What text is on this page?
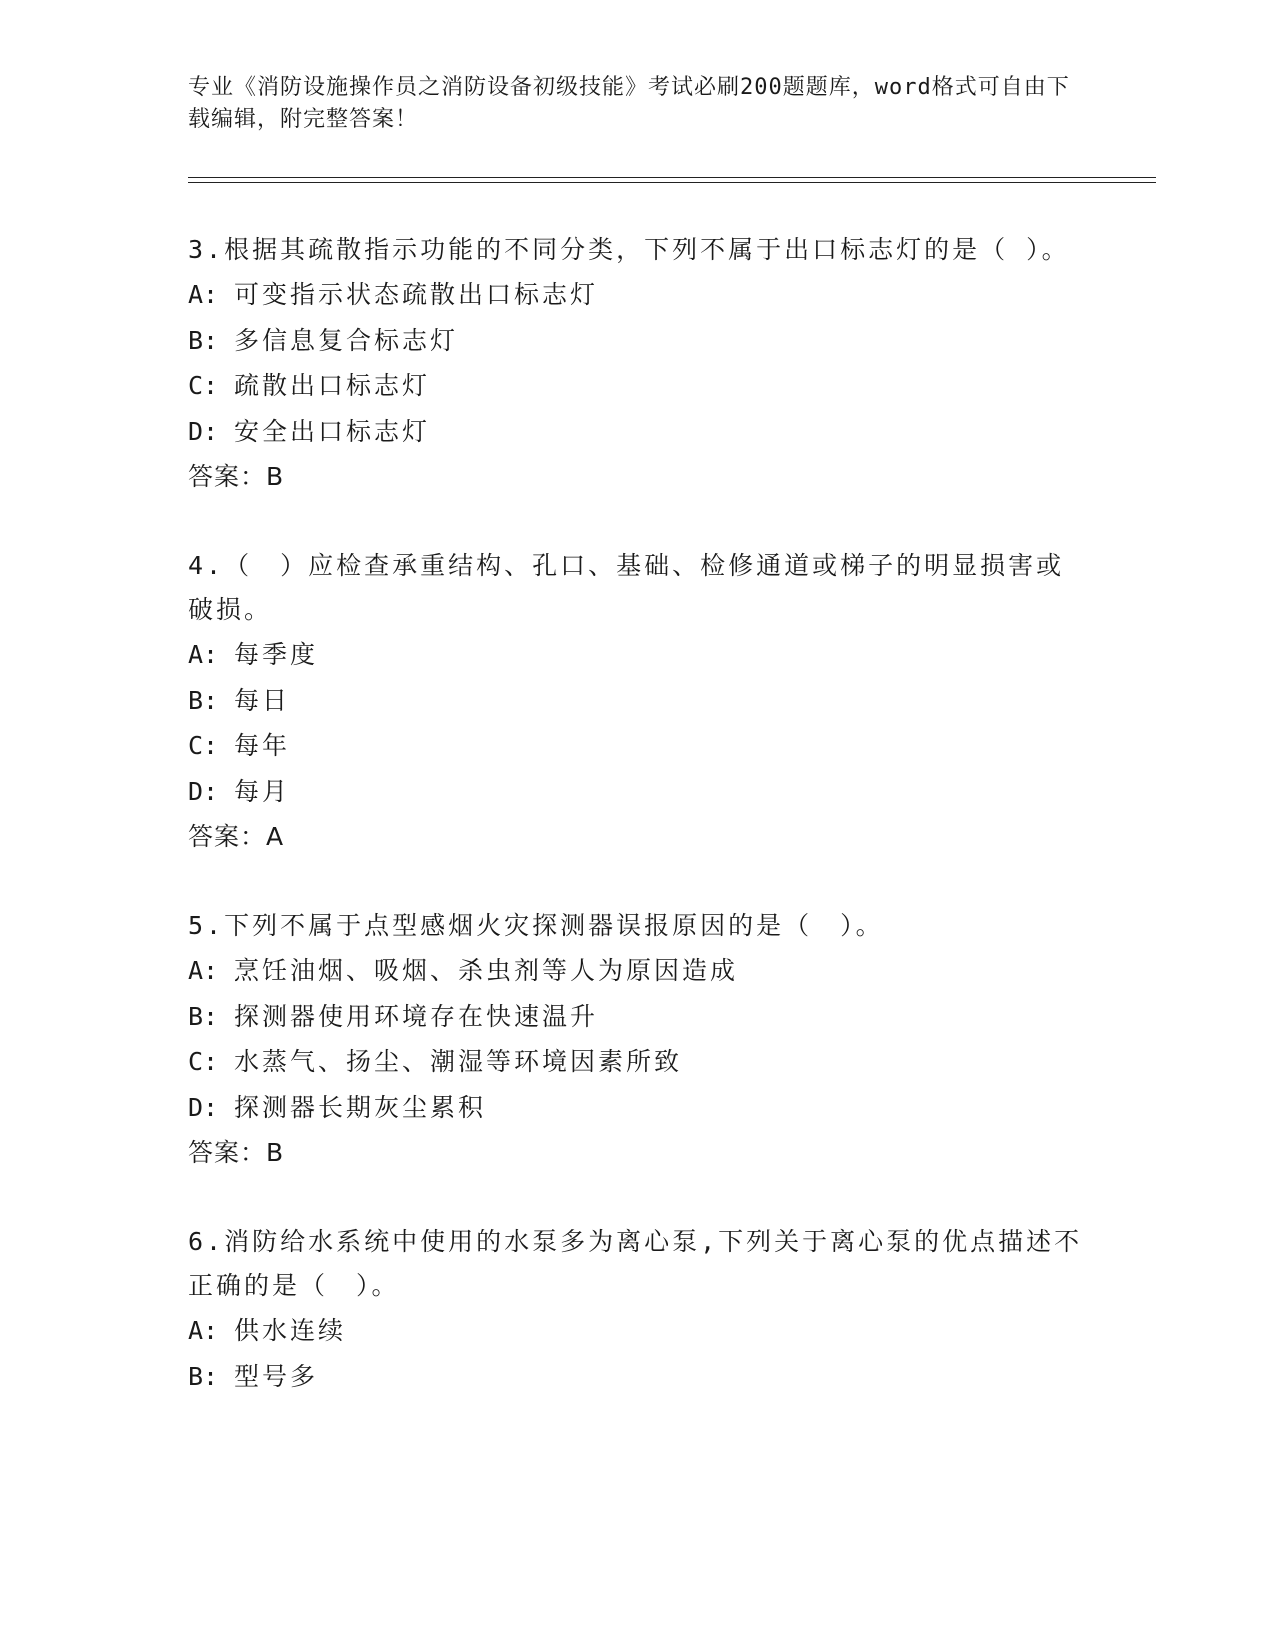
专业《消防设施操作员之消防设备初级技能》考试必刷200题题库，word格式可自由下载编辑，附完整答案！

3.根据其疏散指示功能的不同分类，下列不属于出口标志灯的是（ ）。

A: 可变指示状态疏散出口标志灯

B: 多信息复合标志灯

C: 疏散出口标志灯

D: 安全出口标志灯

答案：B

4.（　）应检查承重结构、孔口、基础、检修通道或梯子的明显损害或破损。

A: 每季度

B: 每日

C: 每年

D: 每月

答案：A

5.下列不属于点型感烟火灾探测器误报原因的是（　）。

A: 烹饪油烟、吸烟、杀虫剂等人为原因造成

B: 探测器使用环境存在快速温升

C: 水蒸气、扬尘、潮湿等环境因素所致

D: 探测器长期灰尘累积

答案：B

6.消防给水系统中使用的水泵多为离心泵,下列关于离心泵的优点描述不正确的是（　）。

A: 供水连续

B: 型号多
